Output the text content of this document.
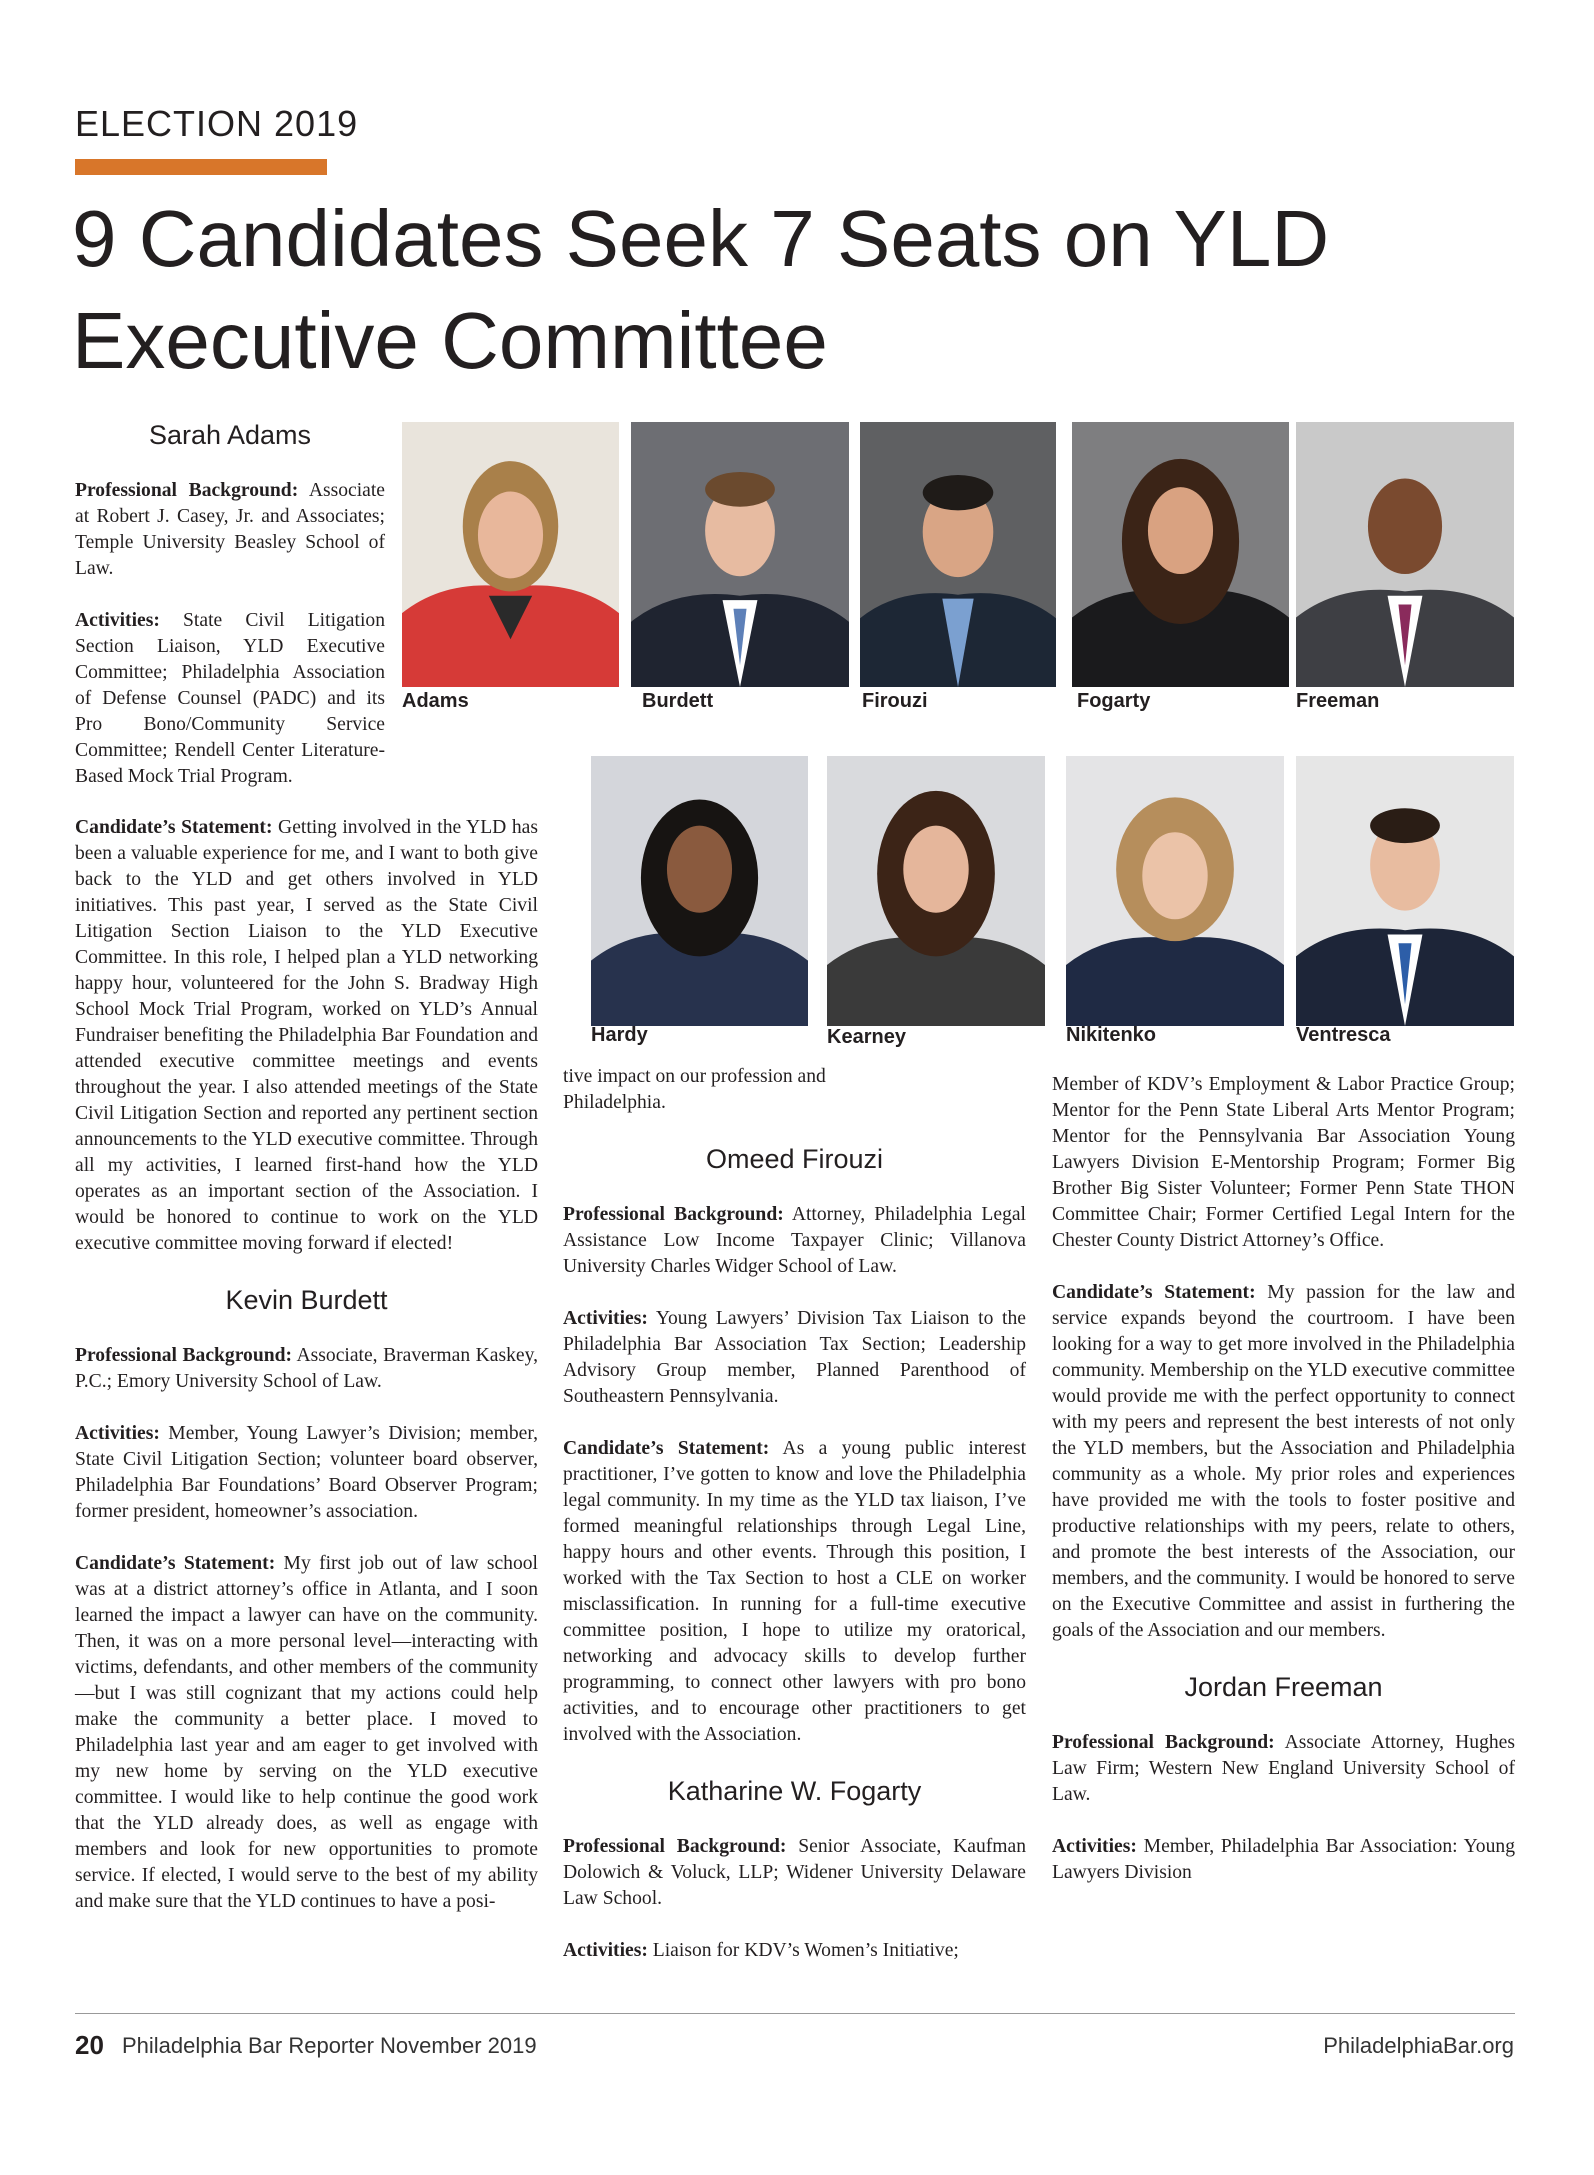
ELECTION 2019
9 Candidates Seek 7 Seats on YLD Executive Committee
Adams	Burdett	Firouzi	Fogarty	Freeman
Hardy	Kearney	Nikitenko	Ventresca
Sarah Adams

Professional Background: Associate at Robert J. Casey, Jr. and Associates; Temple University Beasley School of Law.

Activities: State Civil Litigation Section Liaison, YLD Executive Committee; Philadelphia Association of Defense Counsel (PADC) and its Pro Bono/Community Service Committee; Rendell Center Literature-Based Mock Trial Program.

Candidate’s Statement: Getting involved in the YLD has been a valuable experience for me, and I want to both give back to the YLD and get others involved in YLD initiatives. This past year, I served as the State Civil Litigation Section Liaison to the YLD Executive Committee. In this role, I helped plan a YLD networking happy hour, volunteered for the John S. Bradway High School Mock Trial Program, worked on YLD’s Annual Fundraiser benefiting the Philadelphia Bar Foundation and attended executive committee meetings and events throughout the year. I also attended meetings of the State Civil Litigation Section and reported any pertinent section announcements to the YLD executive committee. Through all my activities, I learned first-hand how the YLD operates as an important section of the Association. I would be honored to continue to work on the YLD executive committee moving forward if elected!

Kevin Burdett

Professional Background: Associate, Braverman Kaskey, P.C.; Emory University School of Law.

Activities: Member, Young Lawyer’s Division; member, State Civil Litigation Section; volunteer board observer, Philadelphia Bar Foundations’ Board Observer Program; former president, homeowner’s association.

Candidate’s Statement: My first job out of law school was at a district attorney’s office in Atlanta, and I soon learned the impact a lawyer can have on the community. Then, it was on a more personal level—interacting with victims, defendants, and other members of the community—but I was still cognizant that my actions could help make the community a better place. I moved to Philadelphia last year and am eager to get involved with my new home by serving on the YLD executive committee. I would like to help continue the good work that the YLD already does, as well as engage with members and look for new opportunities to promote service. If elected, I would serve to the best of my ability and make sure that the YLD continues to have a posi-

tive impact on our profession and Philadelphia.

Omeed Firouzi

Professional Background: Attorney, Philadelphia Legal Assistance Low Income Taxpayer Clinic; Villanova University Charles Widger School of Law.

Activities: Young Lawyers’ Division Tax Liaison to the Philadelphia Bar Association Tax Section; Leadership Advisory Group member, Planned Parenthood of Southeastern Pennsylvania.

Candidate’s Statement: As a young public interest practitioner, I’ve gotten to know and love the Philadelphia legal community. In my time as the YLD tax liaison, I’ve formed meaningful relationships through Legal Line, happy hours and other events. Through this position, I worked with the Tax Section to host a CLE on worker misclassification. In running for a full-time executive committee position, I hope to utilize my oratorical, networking and advocacy skills to develop further programming, to connect other lawyers with pro bono activities, and to encourage other practitioners to get involved with the Association.

Katharine W. Fogarty

Professional Background: Senior Associate, Kaufman Dolowich & Voluck, LLP; Widener University Delaware Law School.

Activities: Liaison for KDV’s Women’s Initiative;

Member of KDV’s Employment & Labor Practice Group; Mentor for the Penn State Liberal Arts Mentor Program; Mentor for the Pennsylvania Bar Association Young Lawyers Division E-Mentorship Program; Former Big Brother Big Sister Volunteer; Former Penn State THON Committee Chair; Former Certified Legal Intern for the Chester County District Attorney’s Office.

Candidate’s Statement: My passion for the law and service expands beyond the courtroom. I have been looking for a way to get more involved in the Philadelphia community. Membership on the YLD executive committee would provide me with the perfect opportunity to connect with my peers and represent the best interests of not only the YLD members, but the Association and Philadelphia community as a whole. My prior roles and experiences have provided me with the tools to foster positive and productive relationships with my peers, relate to others, and promote the best interests of the Association, our members, and the community. I would be honored to serve on the Executive Committee and assist in furthering the goals of the Association and our members.

Jordan Freeman

Professional Background: Associate Attorney, Hughes Law Firm; Western New England University School of Law.

Activities: Member, Philadelphia Bar Association: Young Lawyers Division

20 Philadelphia Bar Reporter November 2019	PhiladelphiaBar.org
